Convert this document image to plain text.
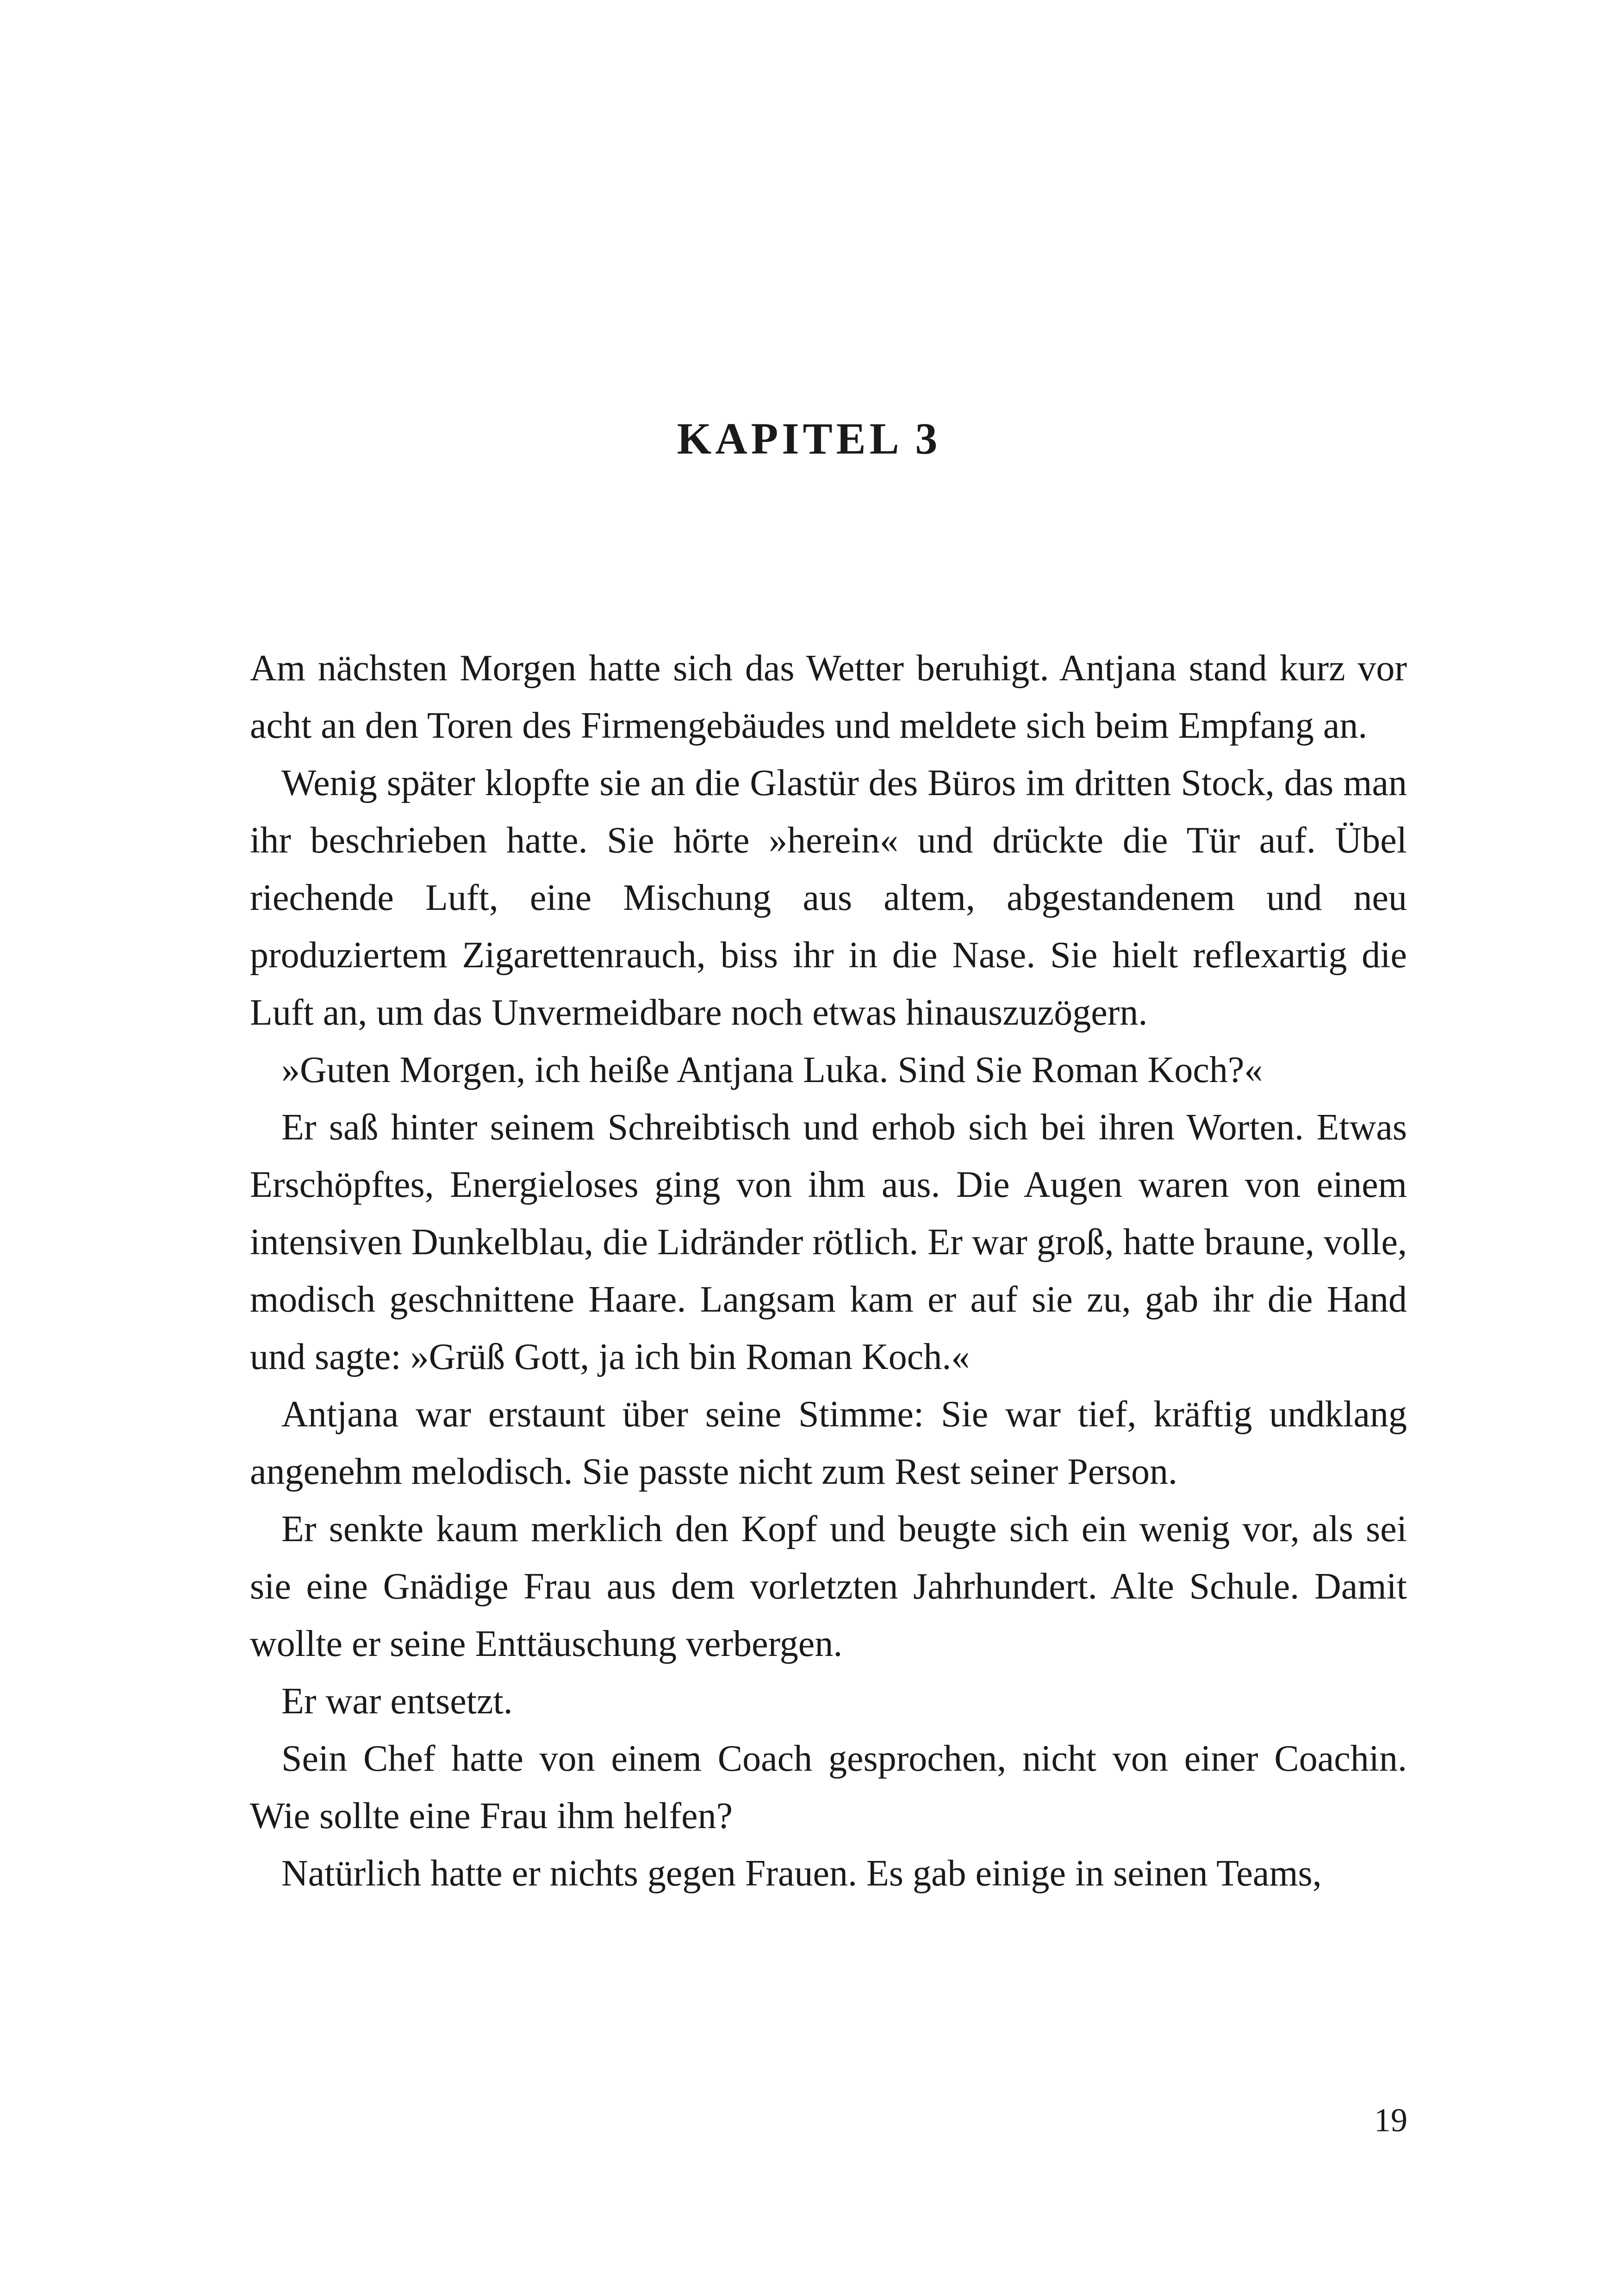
KAPITEL 3

Am nächsten Morgen hatte sich das Wetter beruhigt. Antjana stand kurz vor acht an den Toren des Firmengebäudes und meldete sich beim Empfang an.

Wenig später klopfte sie an die Glastür des Büros im dritten Stock, das man ihr beschrieben hatte. Sie hörte »herein« und drückte die Tür auf. Übel riechende Luft, eine Mischung aus altem, abgestandenem und neu produziertem Zigarettenrauch, biss ihr in die Nase. Sie hielt reflexartig die Luft an, um das Unvermeidbare noch etwas hinauszuzögern.

»Guten Morgen, ich heiße Antjana Luka. Sind Sie Roman Koch?«

Er saß hinter seinem Schreibtisch und erhob sich bei ihren Worten. Etwas Erschöpftes, Energieloses ging von ihm aus. Die Augen waren von einem intensiven Dunkelblau, die Lidränder rötlich. Er war groß, hatte braune, volle, modisch geschnittene Haare. Langsam kam er auf sie zu, gab ihr die Hand und sagte: »Grüß Gott, ja ich bin Roman Koch.«

Antjana war erstaunt über seine Stimme: Sie war tief, kräftig undklang angenehm melodisch. Sie passte nicht zum Rest seiner Person.

Er senkte kaum merklich den Kopf und beugte sich ein wenig vor, als sei sie eine Gnädige Frau aus dem vorletzten Jahrhundert. Alte Schule. Damit wollte er seine Enttäuschung verbergen.

Er war entsetzt.

Sein Chef hatte von einem Coach gesprochen, nicht von einer Coachin. Wie sollte eine Frau ihm helfen?

Natürlich hatte er nichts gegen Frauen. Es gab einige in seinen Teams,

19
